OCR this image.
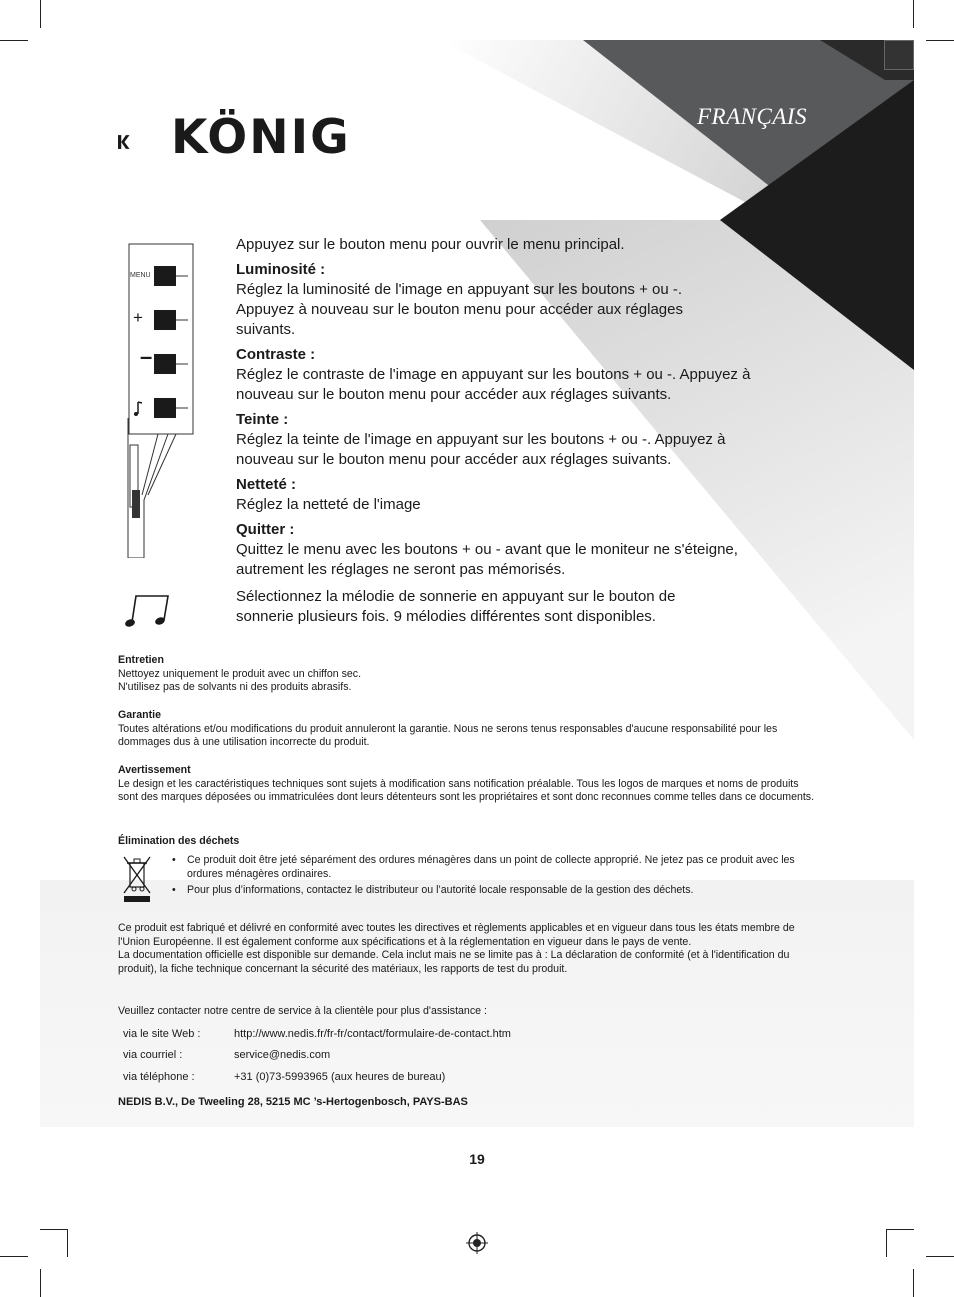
KÖNIG	FRANÇAIS
–
MENU
+
Appuyez sur le bouton menu pour ouvrir le menu principal.
Luminosité :

Réglez la luminosité de l'image en appuyant sur les boutons + ou -. Appuyez à nouveau sur le bouton menu pour accéder aux réglages suivants.
Contraste :

Réglez le contraste de l'image en appuyant sur les boutons + ou -. Appuyez à nouveau sur le bouton menu pour accéder aux réglages suivants.
Teinte :

Réglez la teinte de l'image en appuyant sur les boutons + ou -. Appuyez à nouveau sur le bouton menu pour accéder aux réglages suivants.
Netteté :
Réglez la netteté de l'image
Quitter :

Quittez le menu avec les boutons + ou - avant que le moniteur ne s'éteigne, autrement les réglages ne seront pas mémorisés.
Sélectionnez la mélodie de sonnerie en appuyant sur le bouton de sonnerie plusieurs fois. 9 mélodies différentes sont disponibles.
Entretien
Nettoyez uniquement le produit avec un chiffon sec.
N'utilisez pas de solvants ni des produits abrasifs.
Garantie
Toutes altérations et/ou modifications du produit annuleront la garantie. Nous ne serons tenus responsables d'aucune responsabilité pour les dommages dus à une utilisation incorrecte du produit.
Avertissement
Le design et les caractéristiques techniques sont sujets à modification sans notification préalable. Tous les logos de marques et noms de produits sont des marques déposées ou immatriculées dont leurs détenteurs sont les propriétaires et sont donc reconnues comme telles dans ce documents.
Élimination des déchets
• Ce produit doit être jeté séparément des ordures ménagères dans un point de collecte approprié. Ne jetez pas ce produit avec les ordures ménagères ordinaires.
• Pour plus d’informations, contactez le distributeur ou l’autorité locale responsable de la gestion des déchets.
Ce produit est fabriqué et délivré en conformité avec toutes les directives et règlements applicables et en vigueur dans tous les états membre de l'Union Européenne. Il est également conforme aux spécifications et à la réglementation en vigueur dans le pays de vente.
La documentation officielle est disponible sur demande. Cela inclut mais ne se limite pas à : La déclaration de conformité (et à l'identification du produit), la fiche technique concernant la sécurité des matériaux, les rapports de test du produit.
Veuillez contacter notre centre de service à la clientèle pour plus d'assistance :
via le site Web :	http://www.nedis.fr/fr-fr/contact/formulaire-de-contact.htm
via courriel :	service@nedis.com
via téléphone :	+31 (0)73-5993965 (aux heures de bureau)
NEDIS B.V., De Tweeling 28, 5215 MC ’s-Hertogenbosch, PAYS-BAS
19
